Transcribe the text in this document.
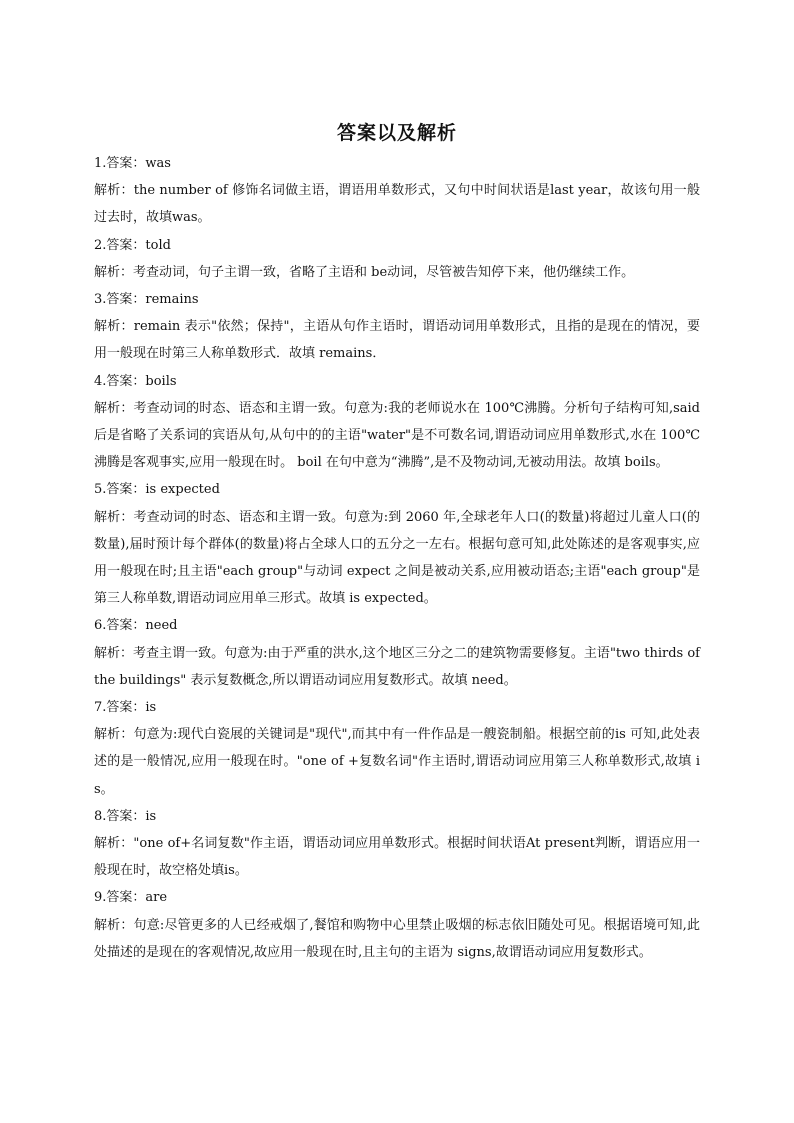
答案以及解析

1.答案：was

解析：the number of 修饰名词做主语，谓语用单数形式，又句中时间状语是last year，故该句用一般过去时，故填was。

2.答案：told

解析：考查动词，句子主谓一致，省略了主语和 be动词，尽管被告知停下来，他仍继续工作。

3.答案：remains

解析：remain 表示"依然；保持"，主语从句作主语时，谓语动词用单数形式，且指的是现在的情况，要用一般现在时第三人称单数形式．故填 remains．

4.答案：boils

解析：考查动词的时态、语态和主谓一致。句意为:我的老师说水在 100℃沸腾。分析句子结构可知,said 后是省略了关系词的宾语从句,从句中的的主语"water"是不可数名词,谓语动词应用单数形式,水在 100℃沸腾是客观事实,应用一般现在时。 boil 在句中意为“沸腾”,是不及物动词,无被动用法。故填 boils。

5.答案：is expected

解析：考查动词的时态、语态和主谓一致。句意为:到 2060 年,全球老年人口(的数量)将超过儿童人口(的数量),届时预计每个群体(的数量)将占全球人口的五分之一左右。根据句意可知,此处陈述的是客观事实,应用一般现在时;且主语"each group"与动词 expect 之间是被动关系,应用被动语态;主语"each group"是第三人称单数,谓语动词应用单三形式。故填 is expected。

6.答案：need

解析：考查主谓一致。句意为:由于严重的洪水,这个地区三分之二的建筑物需要修复。主语"two thirds of the buildings" 表示复数概念,所以谓语动词应用复数形式。故填 need。

7.答案：is

解析：句意为:现代白瓷展的关键词是"现代",而其中有一件作品是一艘瓷制船。根据空前的is 可知,此处表述的是一般情况,应用一般现在时。"one of +复数名词"作主语时,谓语动词应用第三人称单数形式,故填 is。

8.答案：is

解析："one of+名词复数"作主语，谓语动词应用单数形式。根据时间状语At present判断，谓语应用一般现在时，故空格处填is。

9.答案：are

解析：句意:尽管更多的人已经戒烟了,餐馆和购物中心里禁止吸烟的标志依旧随处可见。根据语境可知,此处描述的是现在的客观情况,故应用一般现在时,且主句的主语为 signs,故谓语动词应用复数形式。
